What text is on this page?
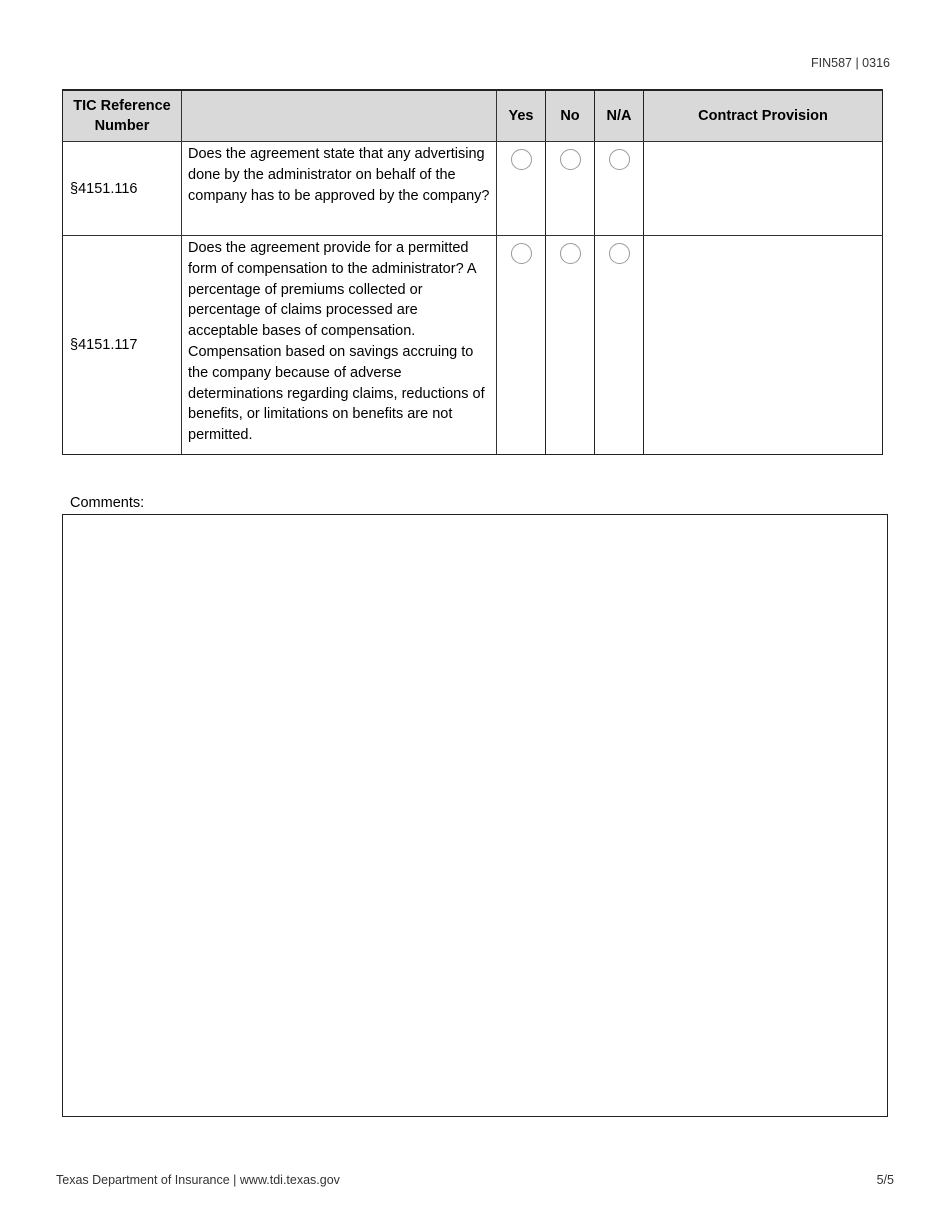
FIN587 | 0316
TIC Reference Number		Yes	No	N/A	Contract Provision
§4151.116	Does the agreement state that any advertising done by the administrator on behalf of the company has to be approved by the company?				
§4151.117	Does the agreement provide for a permitted form of compensation to the administrator? A percentage of premiums collected or percentage of claims processed are acceptable bases of compensation. Compensation based on savings accruing to the company because of adverse determinations regarding claims, reductions of benefits, or limitations on benefits are not permitted.				
Comments:
Texas Department of Insurance | www.tdi.texas.gov	5/5
